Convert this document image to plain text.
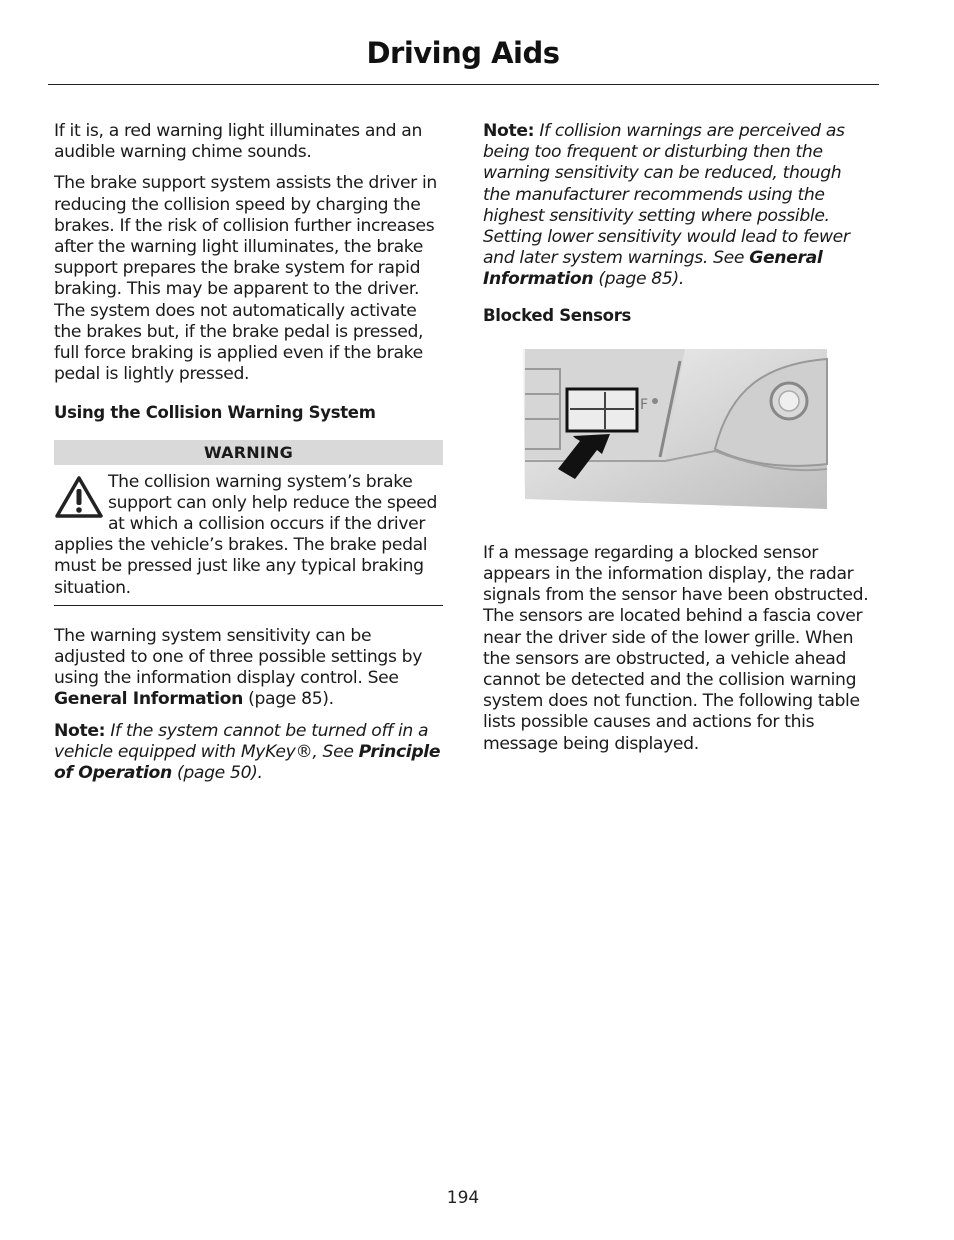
Driving Aids

If it is, a red warning light illuminates and an audible warning chime sounds.

The brake support system assists the driver in reducing the collision speed by charging the brakes. If the risk of collision further increases after the warning light illuminates, the brake support prepares the brake system for rapid braking. This may be apparent to the driver. The system does not automatically activate the brakes but, if the brake pedal is pressed, full force braking is applied even if the brake pedal is lightly pressed.

Using the Collision Warning System
WARNING

The collision warning system’s brake support can only help reduce the speed at which a collision occurs if the driver applies the vehicle’s brakes. The brake pedal must be pressed just like any typical braking situation.

The warning system sensitivity can be adjusted to one of three possible settings by using the information display control. See General Information (page 85).

Note: If the system cannot be turned off in a vehicle equipped with MyKey®, See Principle of Operation (page 50).

Note: If collision warnings are perceived as being too frequent or disturbing then the warning sensitivity can be reduced, though the manufacturer recommends using the highest sensitivity setting where possible. Setting lower sensitivity would lead to fewer and later system warnings. See General Information (page 85).

Blocked Sensors
F

If a message regarding a blocked sensor appears in the information display, the radar signals from the sensor have been obstructed. The sensors are located behind a fascia cover near the driver side of the lower grille. When the sensors are obstructed, a vehicle ahead cannot be detected and the collision warning system does not function. The following table lists possible causes and actions for this message being displayed.

194
